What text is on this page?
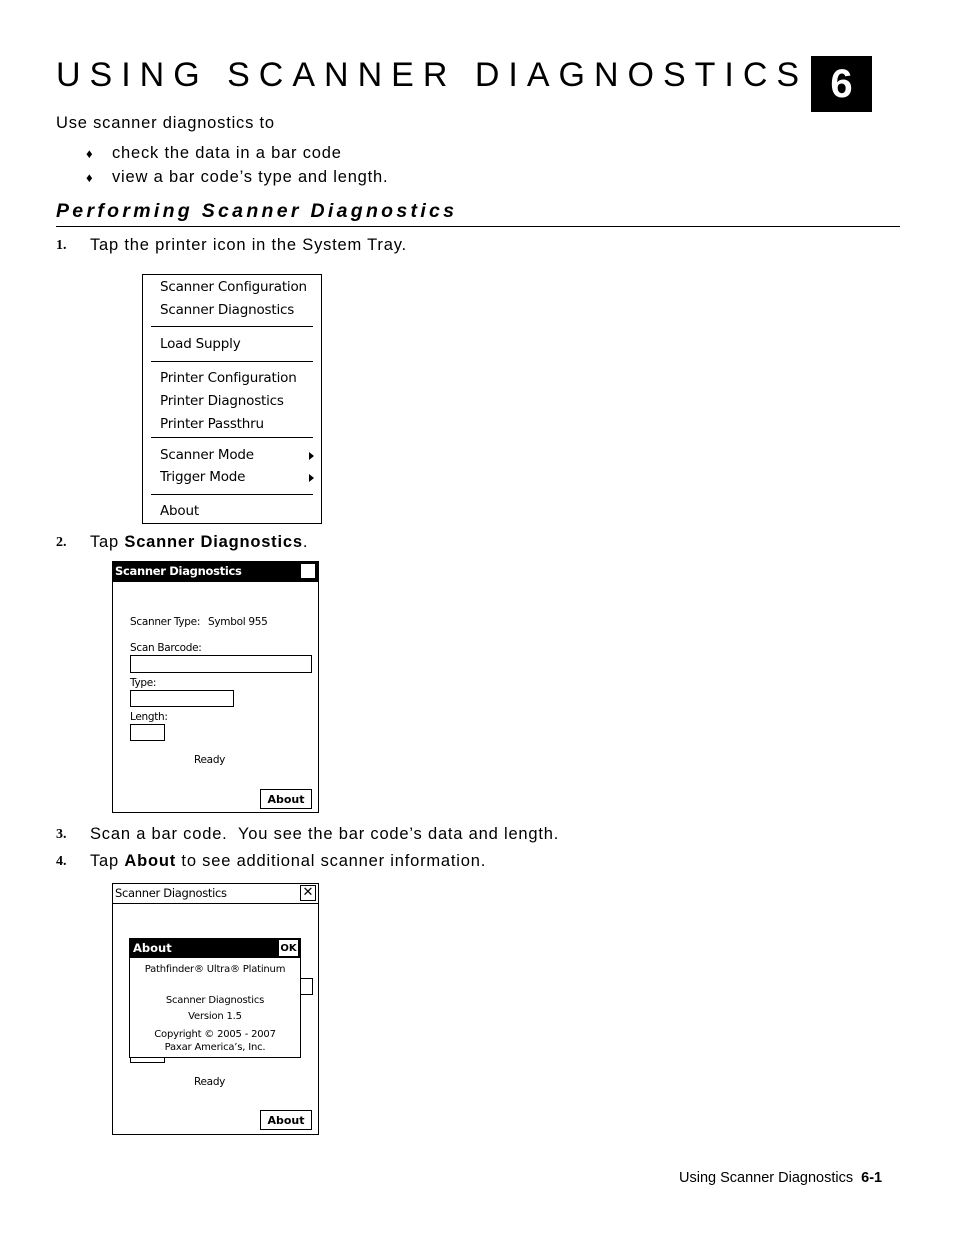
USING SCANNER DIAGNOSTICS 6
Use scanner diagnostics to
♦ check the data in a bar code
♦ view a bar code’s type and length.
Performing Scanner Diagnostics
1. Tap the printer icon in the System Tray.
Scanner Configuration
Scanner Diagnostics
Load Supply
Printer Configuration
Printer Diagnostics
Printer Passthru
Scanner Mode
Trigger Mode
About
2. Tap Scanner Diagnostics.
Scanner Diagnostics	✕
Scanner Type: Symbol 955
Scan Barcode:
Type:
Length:
Ready
About
3. Scan a bar code.  You see the bar code’s data and length.
4. Tap About to see additional scanner information.
Scanner Diagnostics	✕
About	OK
Pathfinder® Ultra® Platinum
Scanner Diagnostics
Version 1.5
Copyright © 2005 - 2007
Paxar America’s, Inc.
Ready
About
Using Scanner Diagnostics 6-1
